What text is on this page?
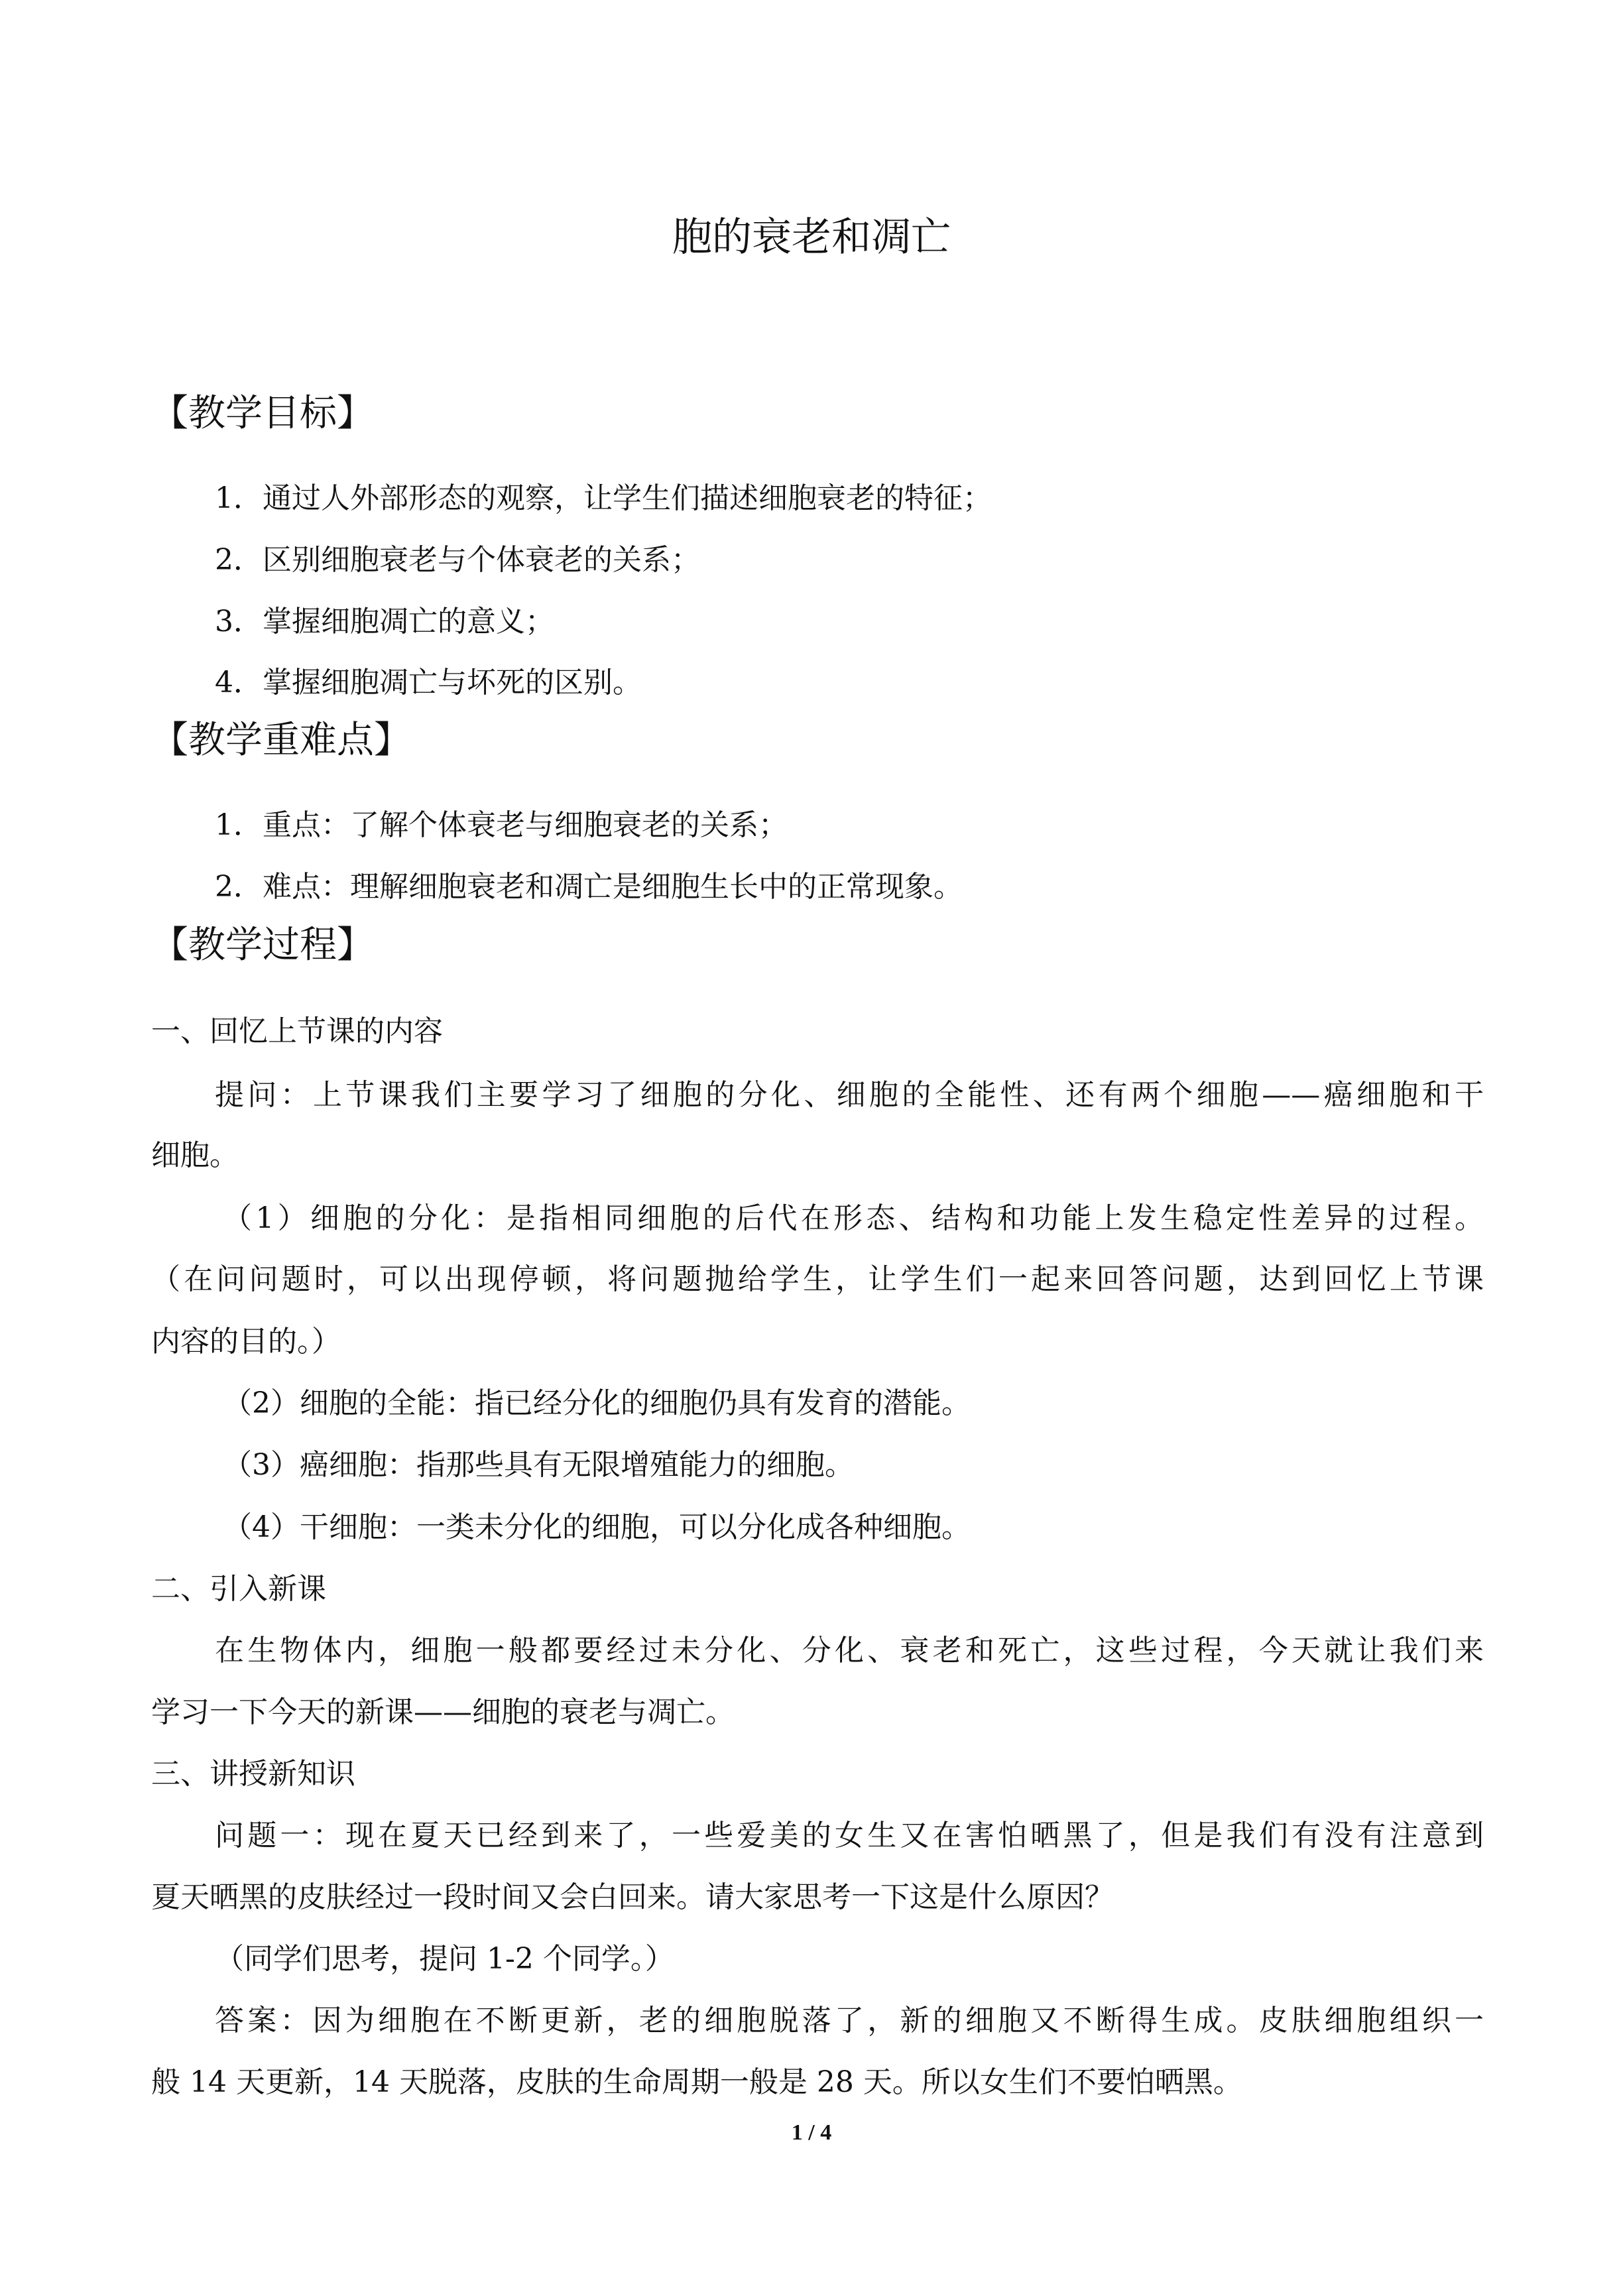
胞的衰老和凋亡
【教学目标】
1．通过人外部形态的观察，让学生们描述细胞衰老的特征；
2．区别细胞衰老与个体衰老的关系；
3．掌握细胞凋亡的意义；
4．掌握细胞凋亡与坏死的区别。
【教学重难点】
1．重点：了解个体衰老与细胞衰老的关系；
2．难点：理解细胞衰老和凋亡是细胞生长中的正常现象。
【教学过程】
一、回忆上节课的内容
提问：上节课我们主要学习了细胞的分化、细胞的全能性、还有两个细胞——癌细胞和干
细胞。
（1）细胞的分化：是指相同细胞的后代在形态、结构和功能上发生稳定性差异的过程。
（在问问题时，可以出现停顿，将问题抛给学生，让学生们一起来回答问题，达到回忆上节课
内容的目的。）
（2）细胞的全能：指已经分化的细胞仍具有发育的潜能。
（3）癌细胞：指那些具有无限增殖能力的细胞。
（4）干细胞：一类未分化的细胞，可以分化成各种细胞。
二、引入新课
在生物体内，细胞一般都要经过未分化、分化、衰老和死亡，这些过程，今天就让我们来
学习一下今天的新课——细胞的衰老与凋亡。
三、讲授新知识
问题一：现在夏天已经到来了，一些爱美的女生又在害怕晒黑了，但是我们有没有注意到
夏天晒黑的皮肤经过一段时间又会白回来。请大家思考一下这是什么原因？
（同学们思考，提问 1-2 个同学。）
答案：因为细胞在不断更新，老的细胞脱落了，新的细胞又不断得生成。皮肤细胞组织一
般 14 天更新，14 天脱落，皮肤的生命周期一般是 28 天。所以女生们不要怕晒黑。
1 / 4
